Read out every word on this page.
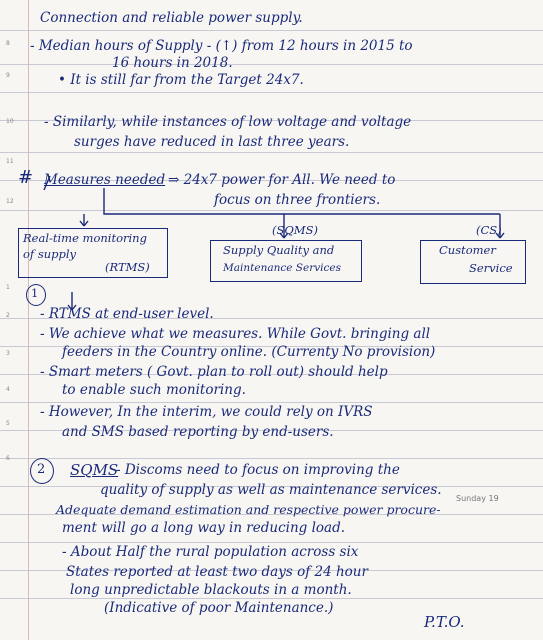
8
9
10
11
12
1
2
3
4
5
6
Connection and reliable power supply.
- Median hours of Supply - (↑) from 12 hours in 2015 to
16 hours in 2018.
• It is still far from the Target 24x7.
- Similarly, while instances of low voltage and voltage
surges have reduced in last three years.
# Measures needed ⇒ 24x7 power for All. We need to
focus on three frontiers.
Real-time monitoring
of supply
(RTMS)
(SQMS)
Supply Quality and
Maintenance Services
(CS)
Customer
Service
1
- RTMS at end-user level.
- We achieve what we measures. While Govt. bringing all
feeders in the Country online. (Currenty No provision)
- Smart meters ( Govt. plan to roll out) should help
to enable such monitoring.
- However, In the interim, we could rely on IVRS
and SMS based reporting by end-users.
2 SQMS
- Discoms need to focus on improving the
quality of supply as well as maintenance services.
Sunday 19
Adequate demand estimation and respective power procure-
ment will go a long way in reducing load.
- About Half the rural population across six
States reported at least two days of 24 hour
long unpredictable blackouts in a month.
(Indicative of poor Maintenance.)
P.T.O.
